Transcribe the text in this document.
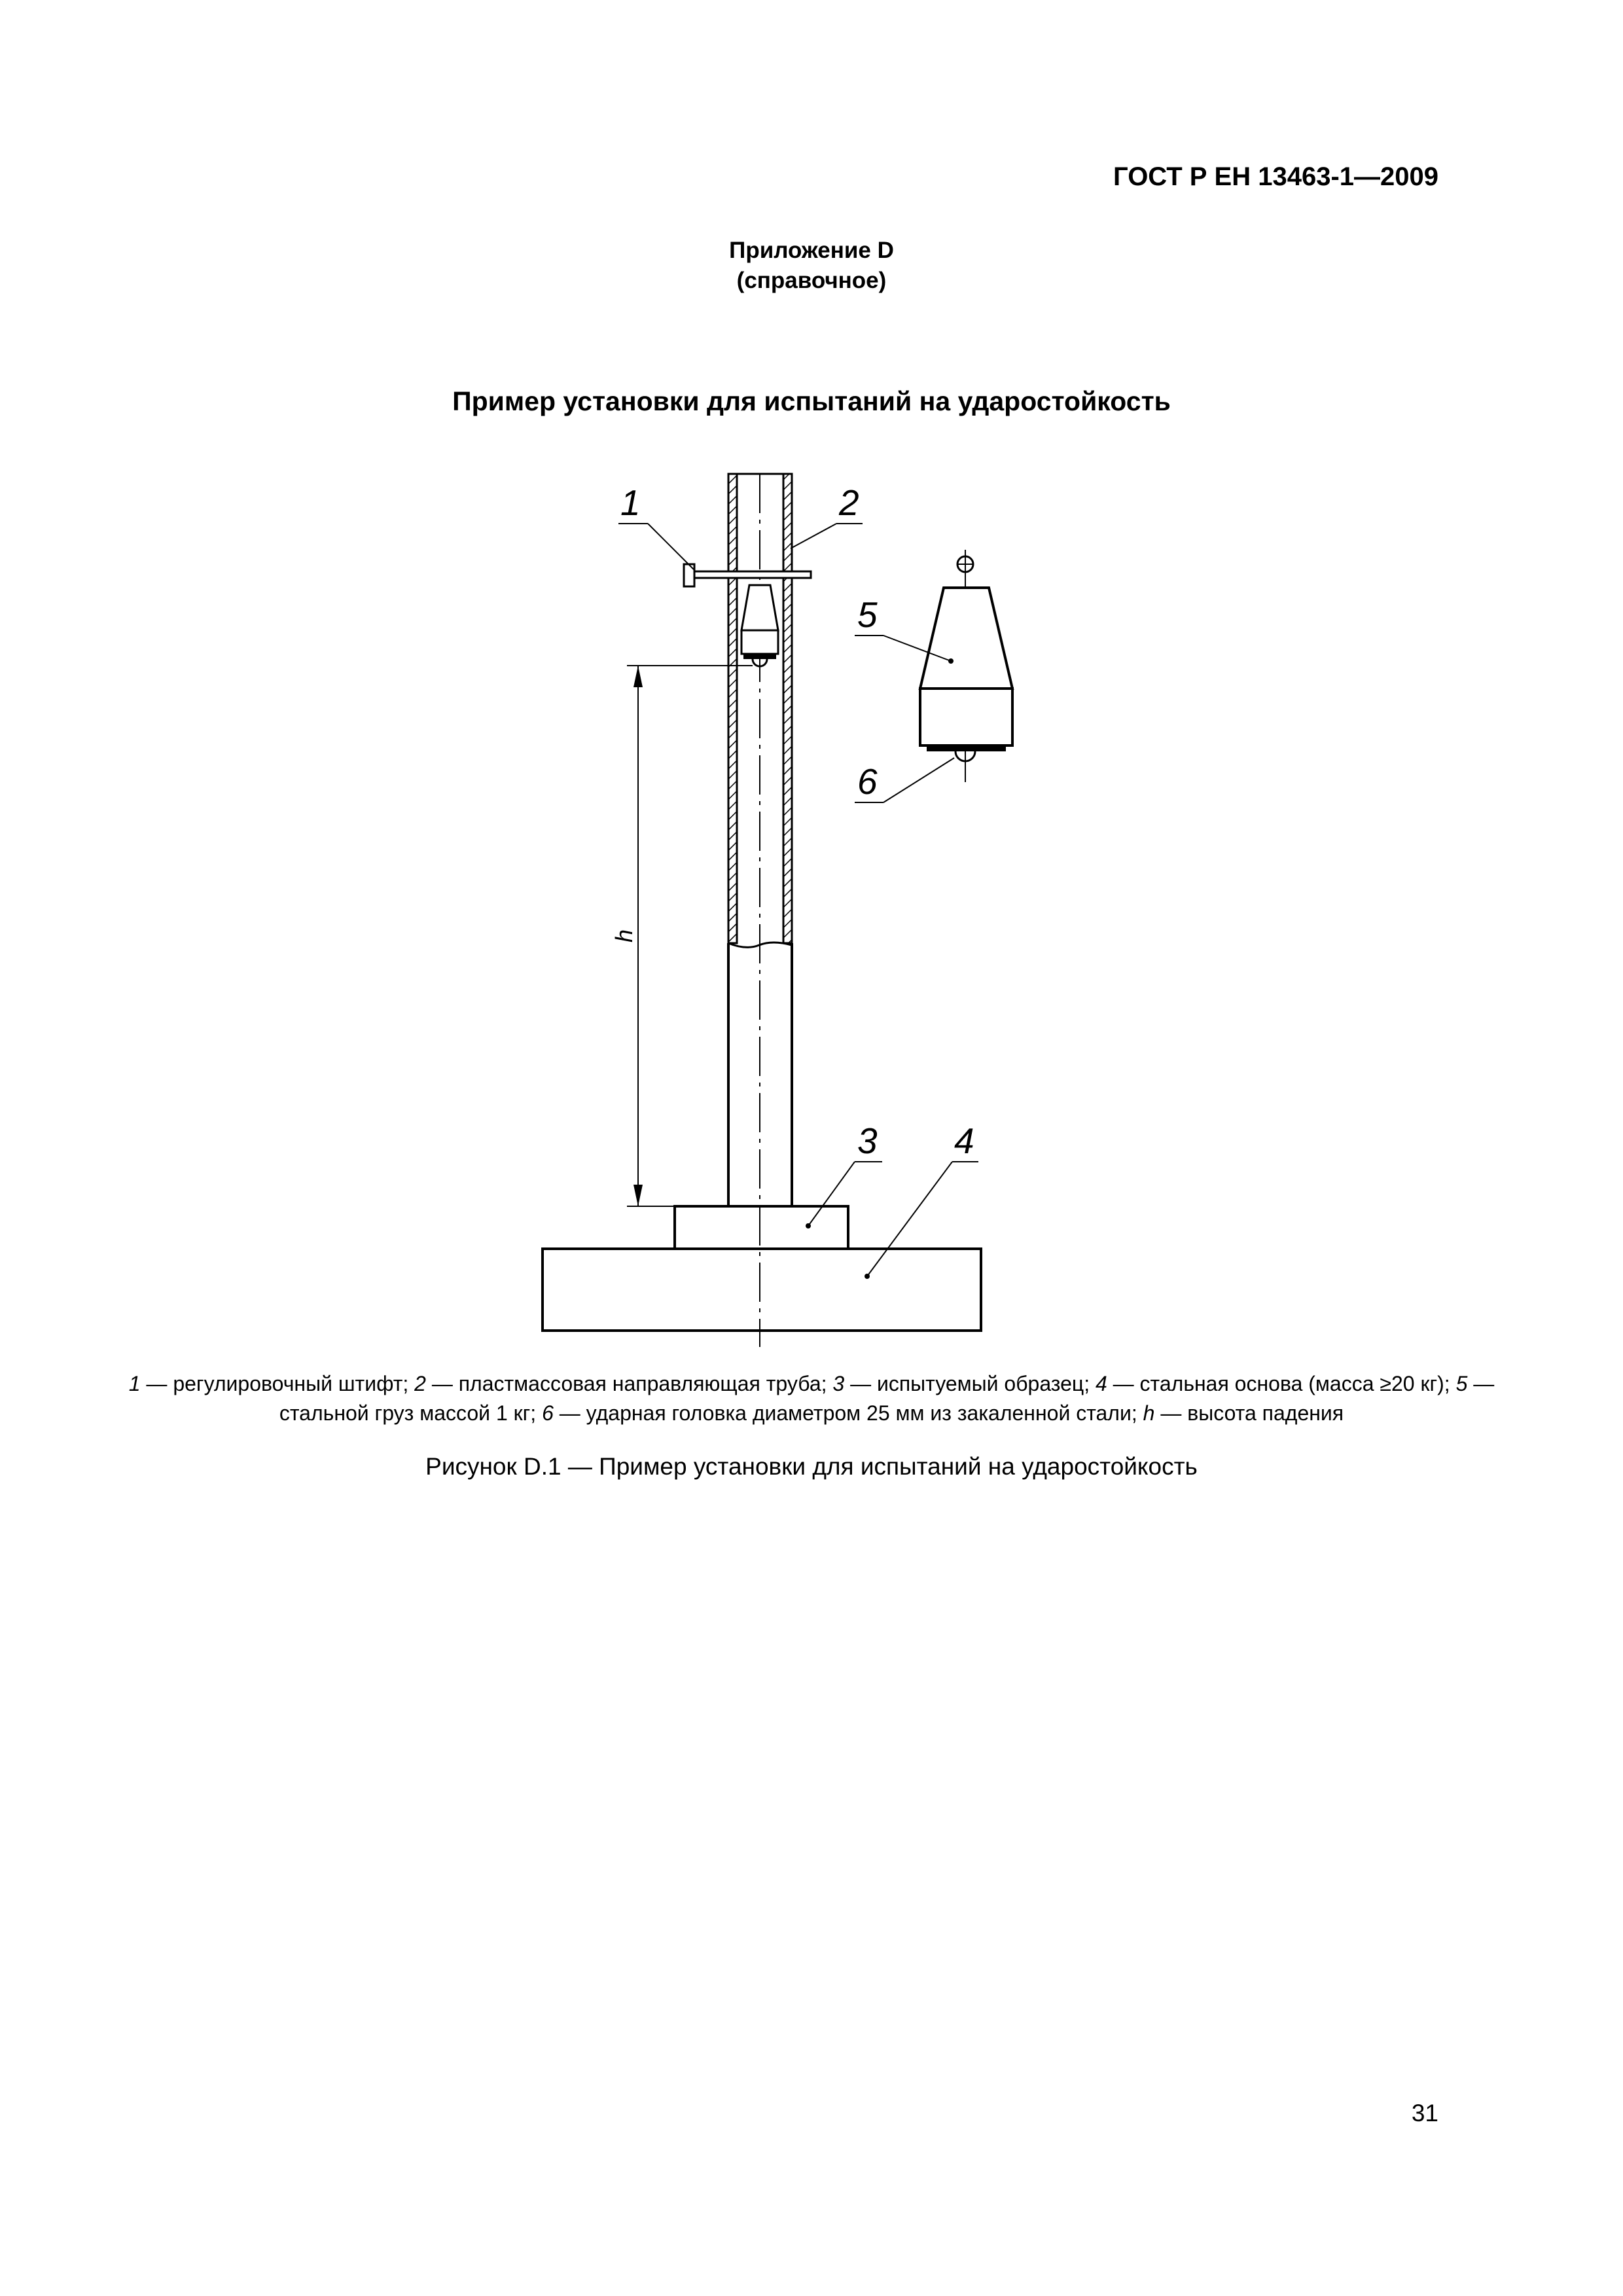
ГОСТ Р ЕН 13463-1—2009
Приложение D
(справочное)
Пример установки для испытаний на ударостойкость
h
1	2
5
6
3 4
1 — регулировочный штифт; 2 — пластмассовая направляющая труба; 3 — испытуемый образец; 4 — стальная основа (масса ≥20 кг); 5 — стальной груз массой 1 кг; 6 — ударная головка диаметром 25 мм из закаленной стали; h — высота падения
Рисунок D.1 — Пример установки для испытаний на ударостойкость
31
